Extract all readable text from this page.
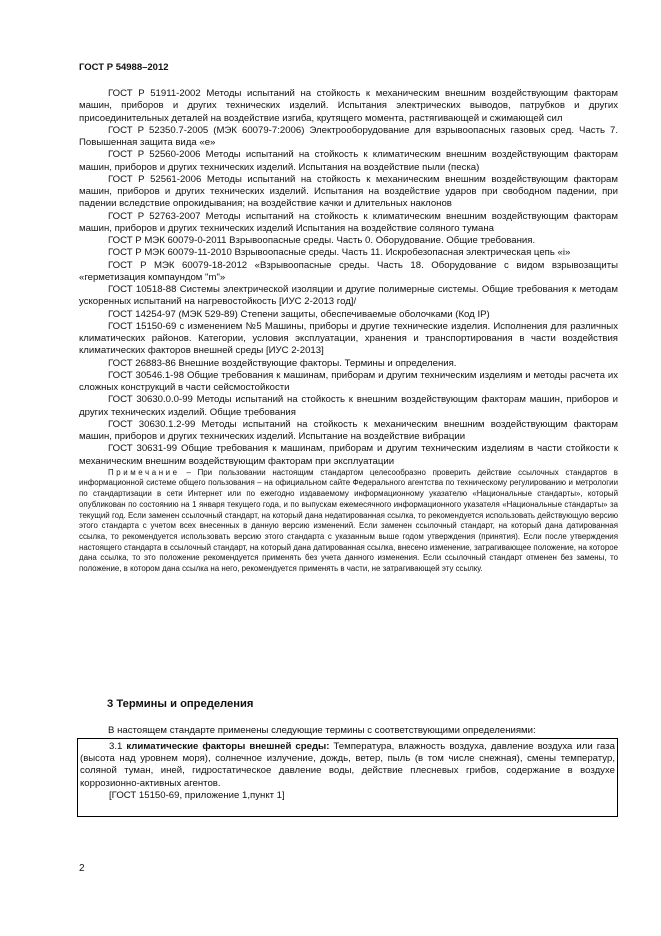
ГОСТ Р 54988–2012

ГОСТ Р 51911-2002 Методы испытаний на стойкость к механическим внешним воздействующим факторам машин, приборов и других технических изделий. Испытания электрических выводов, патрубков и других присоединительных деталей на воздействие изгиба, крутящего момента, растягивающей и сжимающей сил

ГОСТ Р 52350.7-2005 (МЭК 60079-7:2006) Электрооборудование для взрывоопасных газовых сред. Часть 7. Повышенная защита вида «е»

ГОСТ Р 52560-2006 Методы испытаний на стойкость к климатическим внешним воздействующим факторам машин, приборов и других технических изделий. Испытания на воздействие пыли (песка)

ГОСТ Р 52561-2006 Методы испытаний на стойкость к механическим внешним воздействующим факторам машин, приборов и других технических изделий. Испытания на воздействие ударов при свободном падении, при падении вследствие опрокидывания; на воздействие качки и длительных наклонов

ГОСТ Р 52763-2007 Методы испытаний на стойкость к климатическим внешним воздействующим факторам машин, приборов и других технических изделий Испытания на воздействие соляного тумана

ГОСТ Р МЭК 60079-0-2011 Взрывоопасные среды. Часть 0. Оборудование. Общие требования.

ГОСТ Р МЭК 60079-11-2010 Взрывоопасные среды. Часть 11. Искробезопасная электрическая цепь «i»

ГОСТ Р МЭК 60079-18-2012 «Взрывоопасные среды. Часть 18. Оборудование с видом взрывозащиты «герметизация компаундом "m"»

ГОСТ 10518-88 Системы электрической изоляции и другие полимерные системы. Общие требования к методам ускоренных испытаний на нагревостойкость [ИУС 2-2013 год]/

ГОСТ 14254-97 (МЭК 529-89) Степени защиты, обеспечиваемые оболочками (Код IP)

ГОСТ 15150-69 с изменением №5 Машины, приборы и другие технические изделия. Исполнения для различных климатических районов. Категории, условия эксплуатации, хранения и транспортирования в части воздействия климатических факторов внешней среды [ИУС 2-2013]

ГОСТ 26883-86 Внешние воздействующие факторы. Термины и определения.

ГОСТ 30546.1-98 Общие требования к машинам, приборам и другим техническим изделиям и методы расчета их сложных конструкций в части сейсмостойкости

ГОСТ 30630.0.0-99 Методы испытаний на стойкость к внешним воздействующим факторам машин, приборов и других технических изделий. Общие требования

ГОСТ 30630.1.2-99 Методы испытаний на стойкость к механическим внешним воздействующим факторам машин, приборов и других технических изделий. Испытание на воздействие вибрации

ГОСТ 30631-99 Общие требования к машинам, приборам и другим техническим изделиям в части стойкости к механическим внешним воздействующим факторам при эксплуатации

Примечание – При пользовании настоящим стандартом целесообразно проверить действие ссылочных стандартов в информационной системе общего пользования – на официальном сайте Федерального агентства по техническому регулированию и метрологии по стандартизации в сети Интернет или по ежегодно издаваемому информационному указателю «Национальные стандарты», который опубликован по состоянию на 1 января текущего года, и по выпускам ежемесячного информационного указателя «Национальные стандарты» за текущий год. Если заменен ссылочный стандарт, на который дана недатированная ссылка, то рекомендуется использовать действующую версию этого стандарта с учетом всех внесенных в данную версию изменений. Если заменен ссылочный стандарт, на который дана датированная ссылка, то рекомендуется использовать версию этого стандарта с указанным выше годом утверждения (принятия). Если после утверждения настоящего стандарта в ссылочный стандарт, на который дана датированная ссылка, внесено изменение, затрагивающее положение, на которое дана ссылка, то это положение рекомендуется применять без учета данного изменения. Если ссылочный стандарт отменен без замены, то положение, в котором дана ссылка на него, рекомендуется применять в части, не затрагивающей эту ссылку.

3 Термины и определения

В настоящем стандарте применены следующие термины с соответствующими определениями:

3.1 климатические факторы внешней среды: Температура, влажность воздуха, давление воздуха или газа (высота над уровнем моря), солнечное излучение, дождь, ветер, пыль (в том числе снежная), смены температур, соляной туман, иней, гидростатическое давление воды, действие плесневых грибов, содержание в воздухе коррозионно-активных агентов.

[ГОСТ 15150-69, приложение 1,пункт 1]

2
